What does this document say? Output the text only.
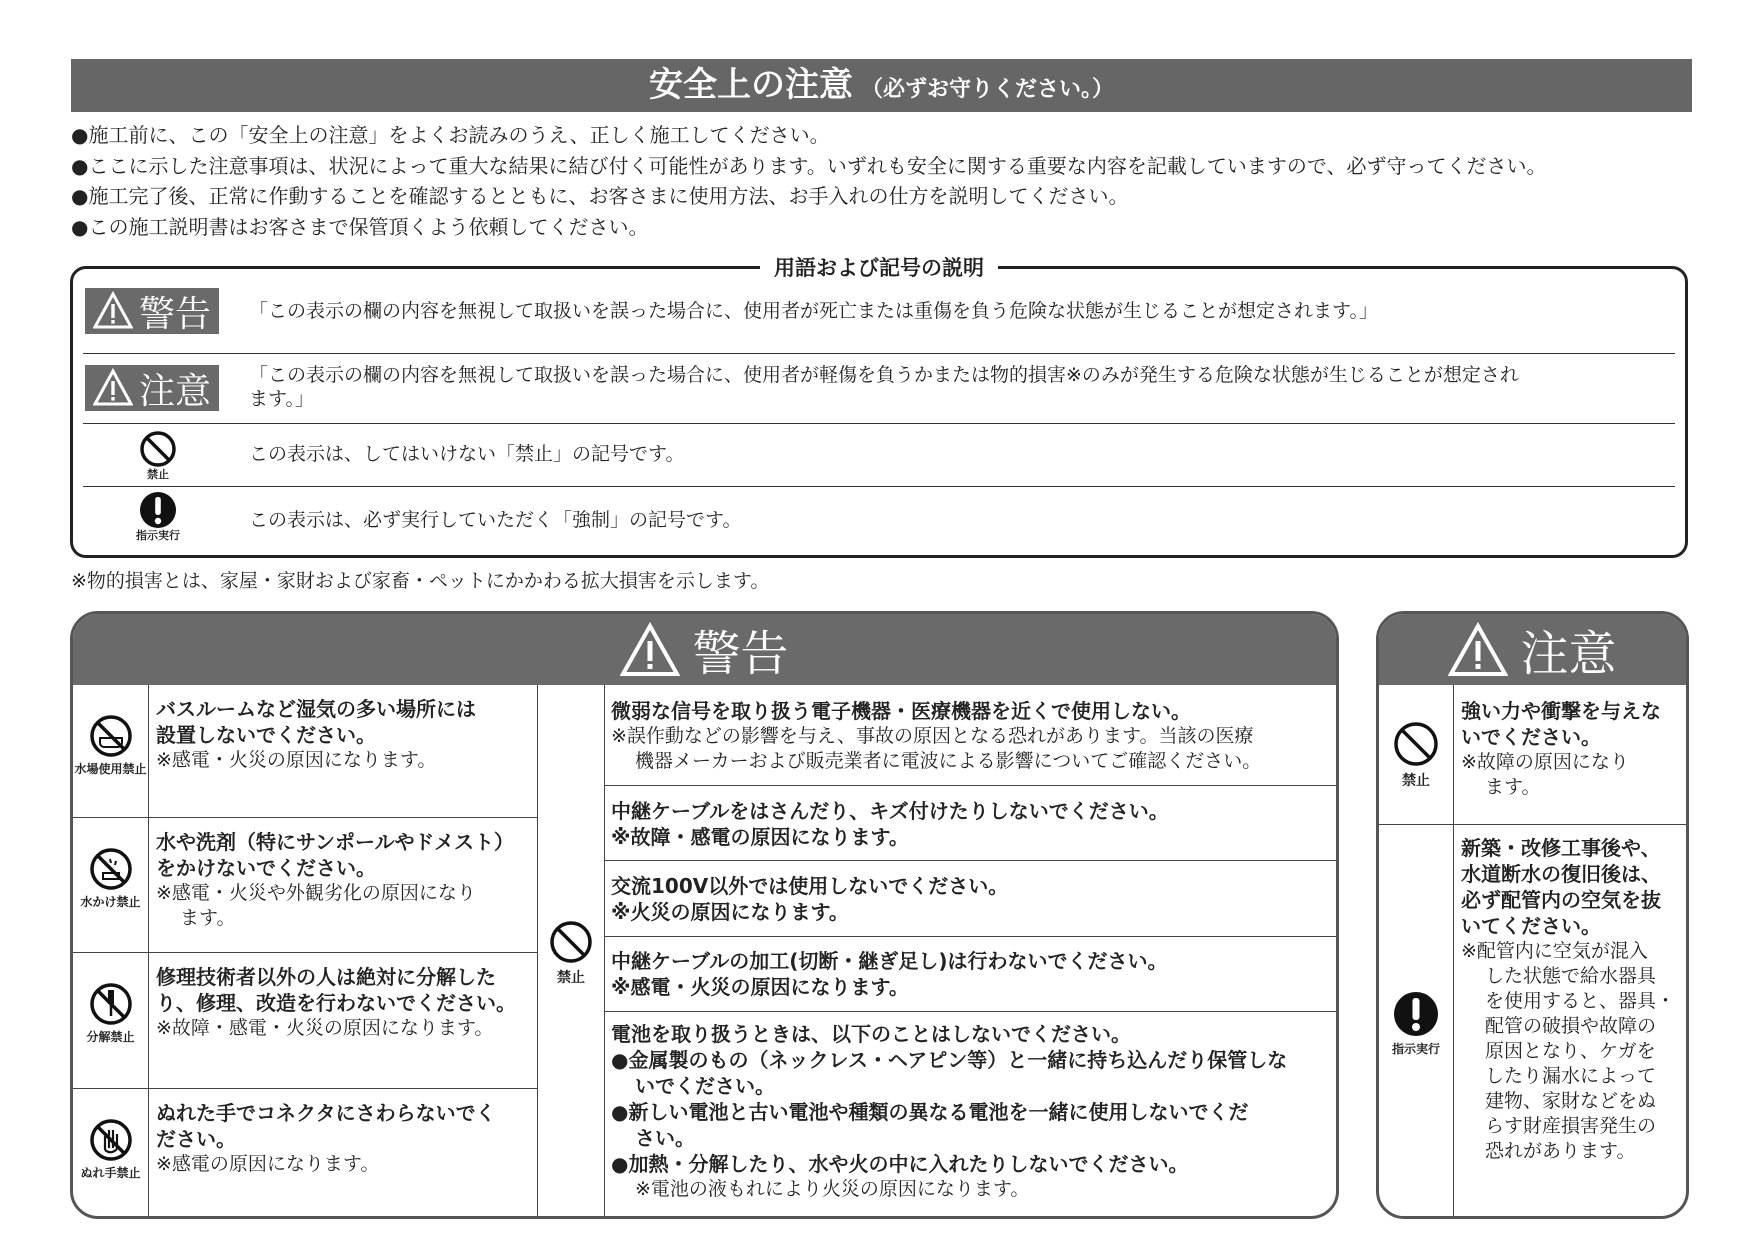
安全上の注意 （必ずお守りください。）
●施工前に、この「安全上の注意」をよくお読みのうえ、正しく施工してください。
●ここに示した注意事項は、状況によって重大な結果に結び付く可能性があります。いずれも安全に関する重要な内容を記載していますので、必ず守ってください。
●施工完了後、正常に作動することを確認するとともに、お客さまに使用方法、お手入れの仕方を説明してください。
●この施工説明書はお客さまで保管頂くよう依頼してください。
用語および記号の説明
警告 「この表示の欄の内容を無視して取扱いを誤った場合に、使用者が死亡または重傷を負う危険な状態が生じることが想定されます。」
注意 「この表示の欄の内容を無視して取扱いを誤った場合に、使用者が軽傷を負うかまたは物的損害※のみが発生する危険な状態が生じることが想定され
ます。」
禁止
この表示は、してはいけない「禁止」の記号です。
指示実行
この表示は、必ず実行していただく「強制」の記号です。
※物的損害とは、家屋・家財および家畜・ペットにかかわる拡大損害を示します。
警告
水場使用禁止
水かけ禁止
分解禁止
ぬれ手禁止
バスルームなど湿気の多い場所には
設置しないでください。
※感電・火災の原因になります。
水や洗剤（特にサンポールやドメスト）
をかけないでください。
※感電・火災や外観劣化の原因になり
ます。
修理技術者以外の人は絶対に分解した
り、修理、改造を行わないでください。
※故障・感電・火災の原因になります。
ぬれた手でコネクタにさわらないでく
ださい。
※感電の原因になります。
禁止
微弱な信号を取り扱う電子機器・医療機器を近くで使用しない。
※誤作動などの影響を与え、事故の原因となる恐れがあります。当該の医療
機器メーカーおよび販売業者に電波による影響についてご確認ください。
中継ケーブルをはさんだり、キズ付けたりしないでください。
※故障・感電の原因になります。
交流100V以外では使用しないでください。
※火災の原因になります。
中継ケーブルの加工(切断・継ぎ足し)は行わないでください。
※感電・火災の原因になります。
電池を取り扱うときは、以下のことはしないでください。
●金属製のもの（ネックレス・ヘアピン等）と一緒に持ち込んだり保管しな
いでください。
●新しい電池と古い電池や種類の異なる電池を一緒に使用しないでくだ
さい。
●加熱・分解したり、水や火の中に入れたりしないでください。
※電池の液もれにより火災の原因になります。
注意
禁止
強い力や衝撃を与えな
いでください。
※故障の原因になり
ます。
指示実行
新築・改修工事後や、
水道断水の復旧後は、
必ず配管内の空気を抜
いてください。
※配管内に空気が混入
した状態で給水器具
を使用すると、器具・
配管の破損や故障の
原因となり、ケガを
したり漏水によって
建物、家財などをぬ
らす財産損害発生の
恐れがあります。
